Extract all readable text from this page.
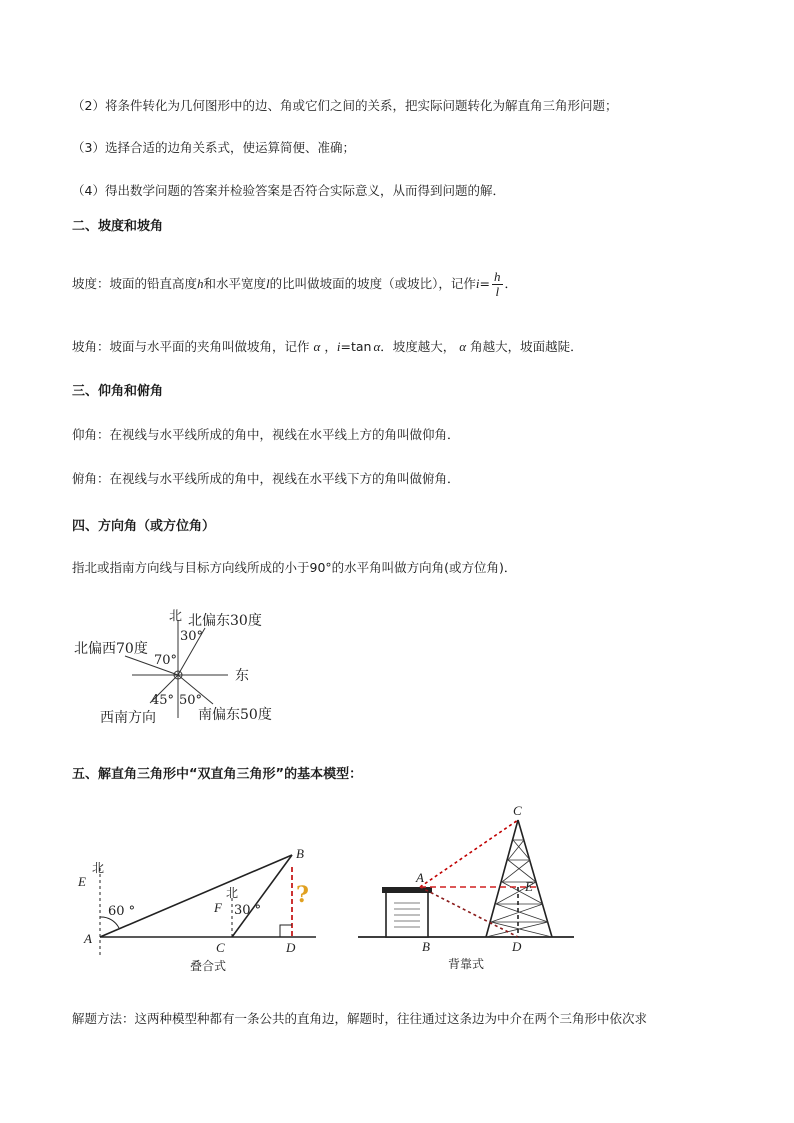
（2）将条件转化为几何图形中的边、角或它们之间的关系，把实际问题转化为解直角三角形问题；
（3）选择合适的边角关系式，使运算简便、准确；
（4）得出数学问题的答案并检验答案是否符合实际意义，从而得到问题的解．
二、坡度和坡角
坡度：坡面的铅直高度h和水平宽度l的比叫做坡面的坡度（或坡比），记作$i= \frac{h}{l}$ ．
坡角：坡面与水平面的夹角叫做坡角，记作 α ，i=tan α．坡度越大， α 角越大，坡面越陡．
三、仰角和俯角
仰角：在视线与水平线所成的角中，视线在水平线上方的角叫做仰角．
俯角：在视线与水平线所成的角中，视线在水平线下方的角叫做俯角．
四、方向角（或方位角）
指北或指南方向线与目标方向线所成的小于90°的水平角叫做方向角(或方位角)．
北 北偏东30度
30°
北偏西70度
70°
东
45° 50°
西南方向	南偏东50度
五、解直角三角形中“双直角三角形”的基本模型：
北
E
60 °
A
北
F 30 °
B
?
C	D
叠合式
C
A
E
B	D
背靠式
解题方法：这两种模型种都有一条公共的直角边，解题时，往往通过这条边为中介在两个三角形中依次求
